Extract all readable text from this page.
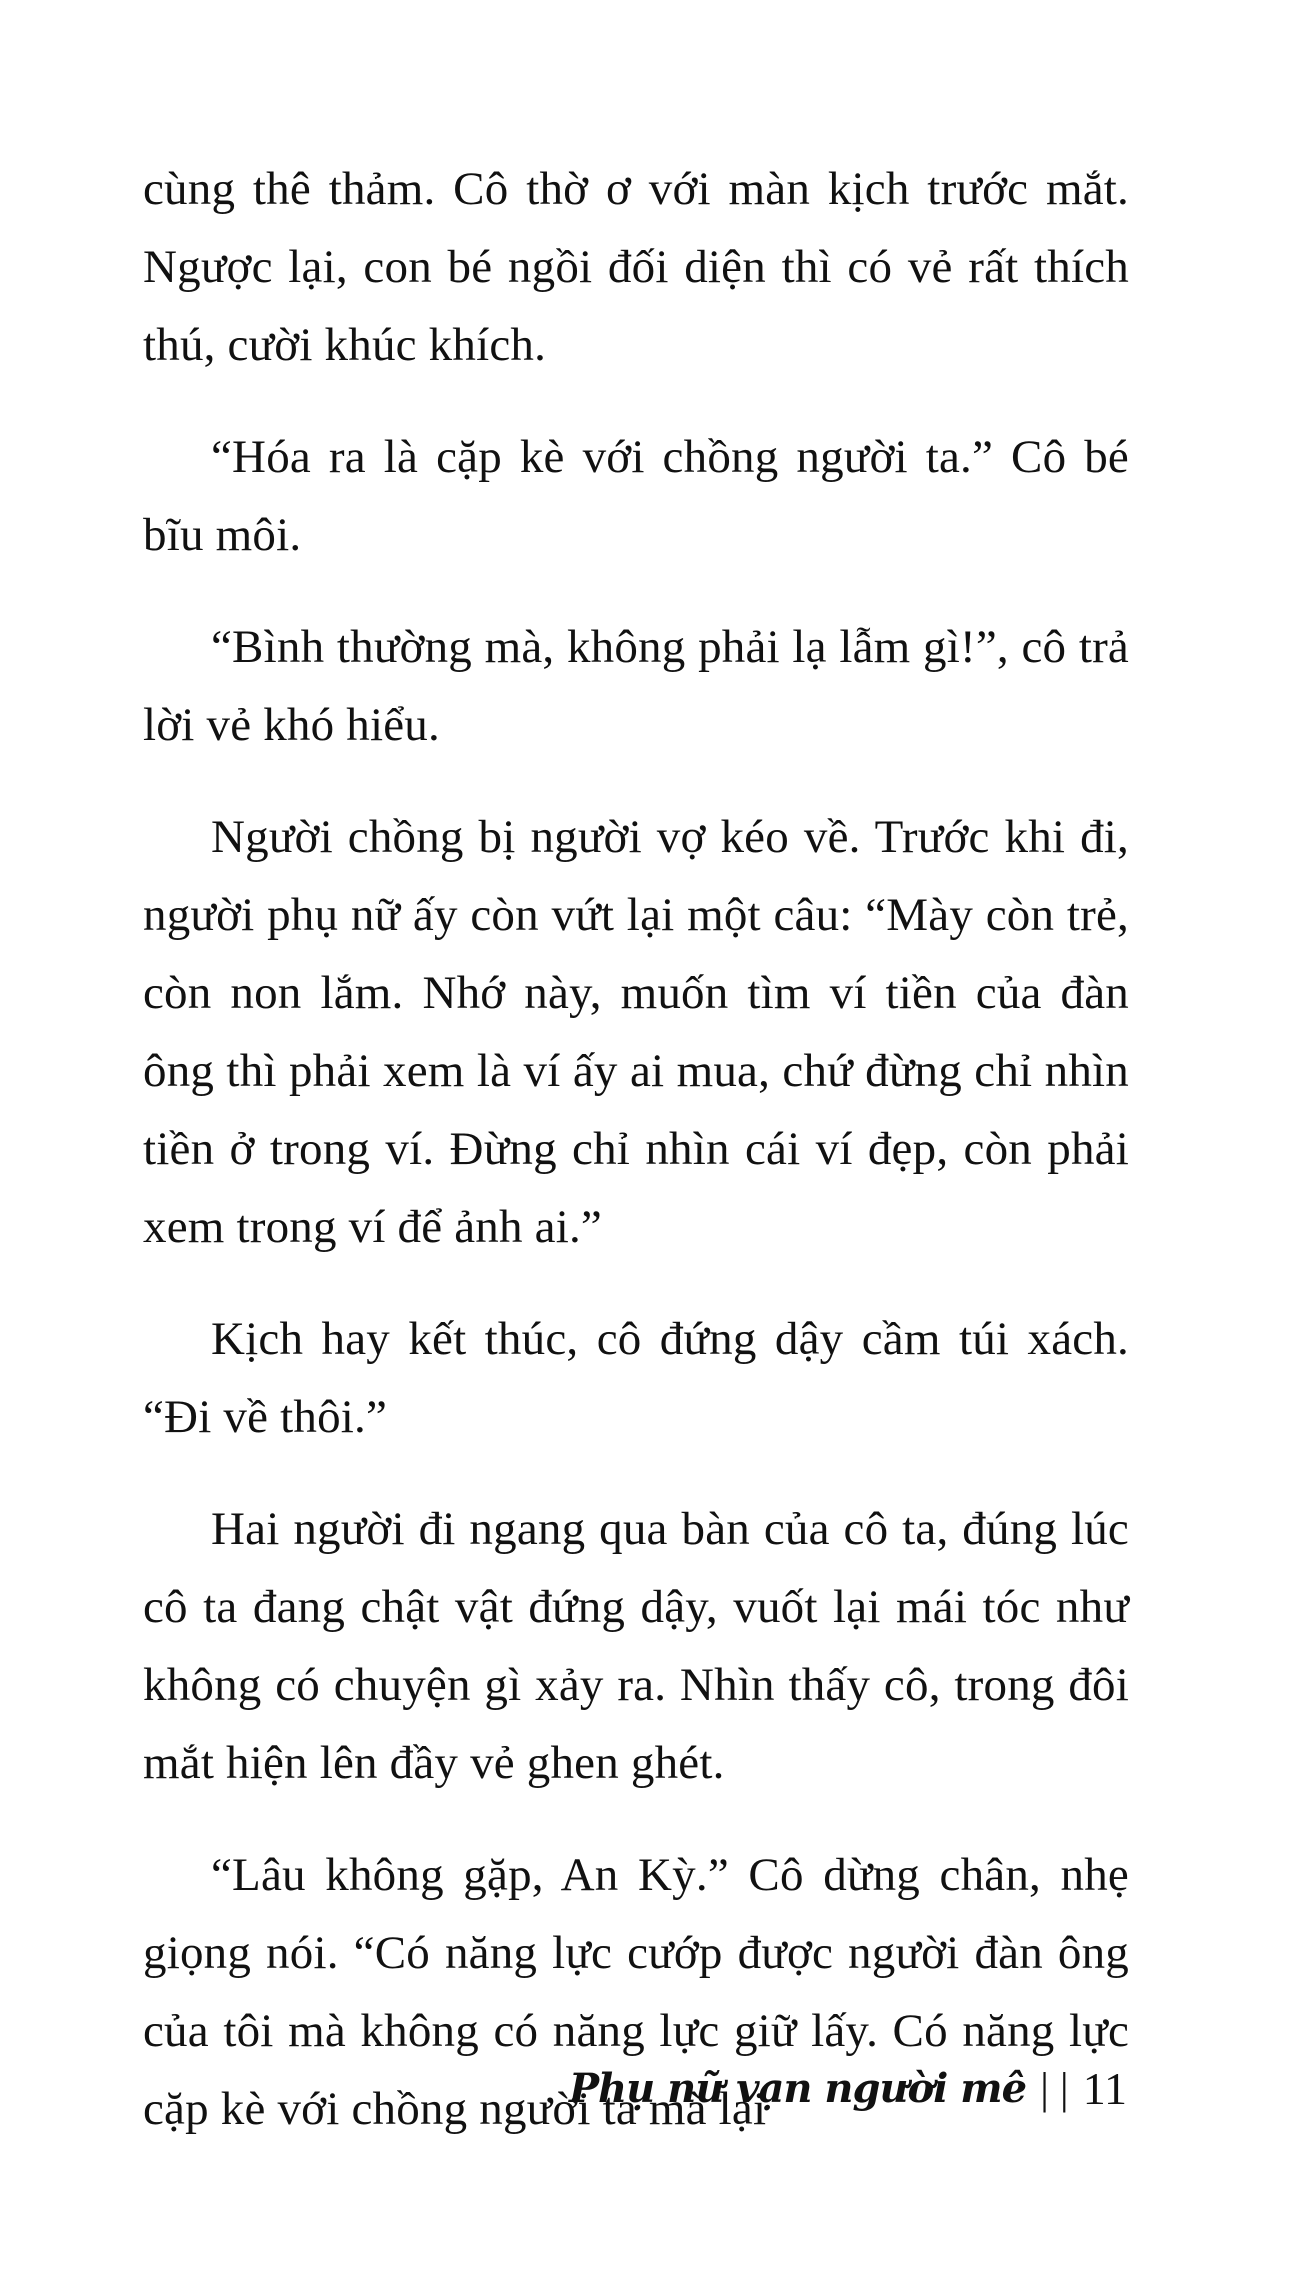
cùng thê thảm. Cô thờ ơ với màn kịch trước mắt. Ngược lại, con bé ngồi đối diện thì có vẻ rất thích thú, cười khúc khích.

“Hóa ra là cặp kè với chồng người ta.” Cô bé bĩu môi.

“Bình thường mà, không phải lạ lẫm gì!”, cô trả lời vẻ khó hiểu.

Người chồng bị người vợ kéo về. Trước khi đi, người phụ nữ ấy còn vứt lại một câu: “Mày còn trẻ, còn non lắm. Nhớ này, muốn tìm ví tiền của đàn ông thì phải xem là ví ấy ai mua, chứ đừng chỉ nhìn tiền ở trong ví. Đừng chỉ nhìn cái ví đẹp, còn phải xem trong ví để ảnh ai.”

Kịch hay kết thúc, cô đứng dậy cầm túi xách. “Đi về thôi.”

Hai người đi ngang qua bàn của cô ta, đúng lúc cô ta đang chật vật đứng dậy, vuốt lại mái tóc như không có chuyện gì xảy ra. Nhìn thấy cô, trong đôi mắt hiện lên đầy vẻ ghen ghét.

“Lâu không gặp, An Kỳ.” Cô dừng chân, nhẹ giọng nói. “Có năng lực cướp được người đàn ông của tôi mà không có năng lực giữ lấy. Có năng lực cặp kè với chồng người ta mà lại

Phụ nữ vạn người mê | | 11
